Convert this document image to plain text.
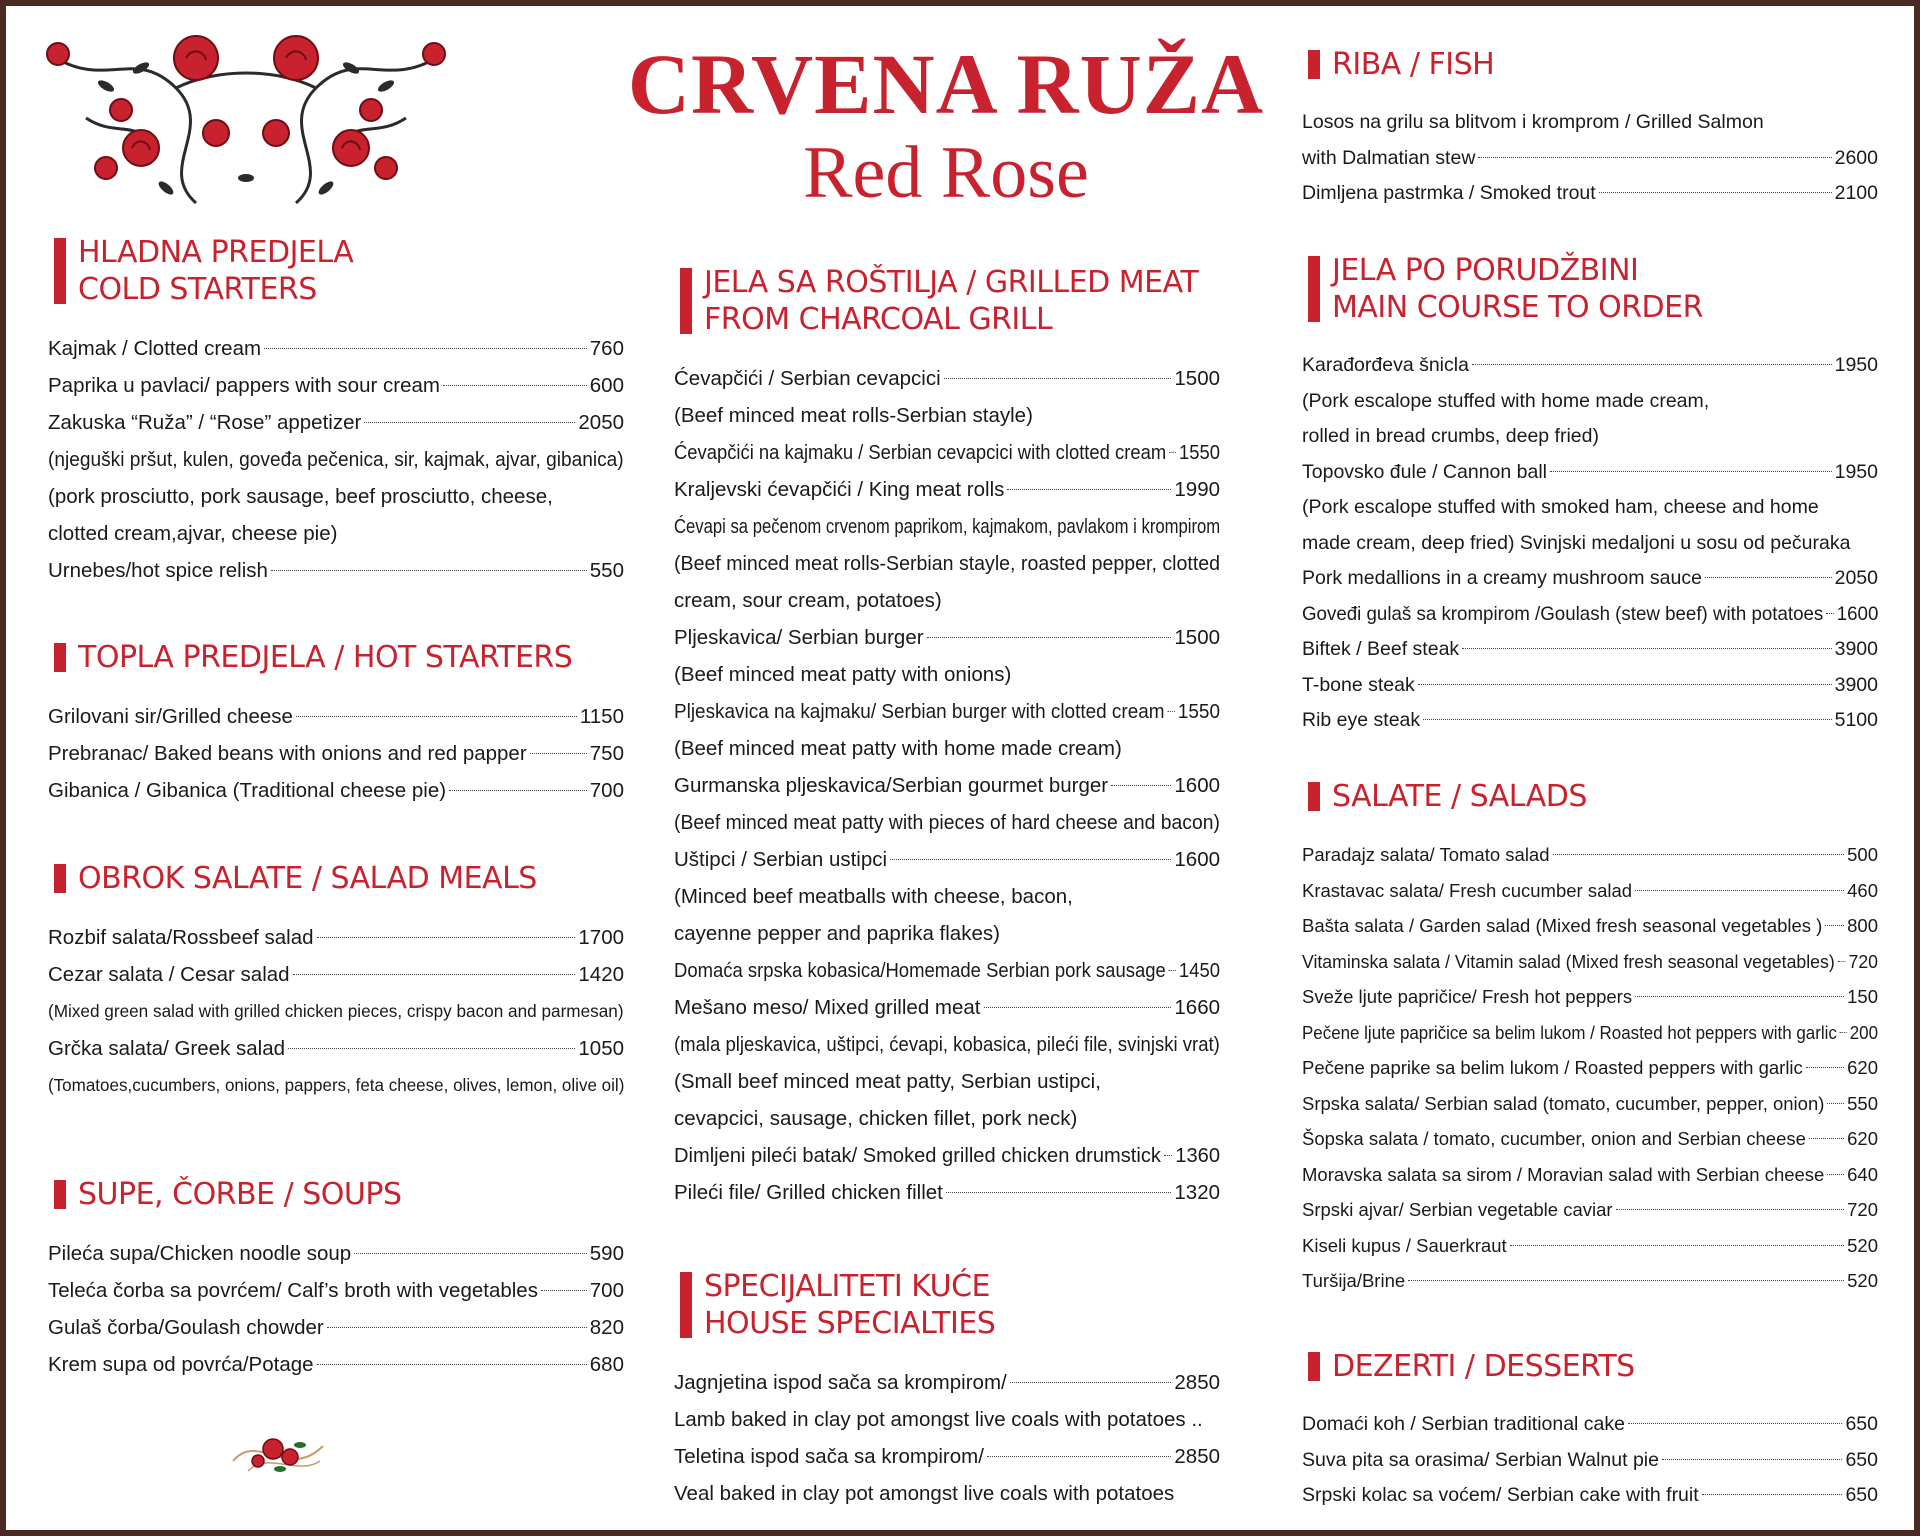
CRVENA RUŽA
Red Rose
HLADNA PREDJELA
COLD STARTERS
Kajmak / Clotted cream	760
Paprika u pavlaci/ pappers with sour cream	600
Zakuska “Ruža” / “Rose” appetizer	2050
(njeguški pršut, kulen, goveđa pečenica, sir, kajmak, ajvar, gibanica)
(pork prosciutto, pork sausage, beef prosciutto, cheese,
clotted cream,ajvar, cheese pie)
Urnebes/hot spice relish	550
TOPLA PREDJELA / HOT STARTERS
Grilovani sir/Grilled cheese	1150
Prebranac/ Baked beans with onions and red papper	750
Gibanica / Gibanica (Traditional cheese pie)	700
OBROK SALATE / SALAD MEALS
Rozbif salata/Rossbeef salad	1700
Cezar salata / Cesar salad	1420
(Mixed green salad with grilled chicken pieces, crispy bacon and parmesan)
Grčka salata/ Greek salad	1050
(Tomatoes,cucumbers, onions, pappers, feta cheese, olives, lemon, olive oil)
SUPE, ČORBE / SOUPS
Pileća supa/Chicken noodle soup	590
Teleća čorba sa povrćem/ Calf’s broth with vegetables	700
Gulaš čorba/Goulash chowder	820
Krem supa od povrća/Potage	680
JELA SA ROŠTILJA / GRILLED MEAT
FROM CHARCOAL GRILL
Ćevapčići / Serbian cevapcici	1500
(Beef minced meat rolls-Serbian stayle)
Ćevapčići na kajmaku / Serbian cevapcici with clotted cream 1550
Kraljevski ćevapčići / King meat rolls	1990
Ćevapi sa pečenom crvenom paprikom, kajmakom, pavlakom i krompirom
(Beef minced meat rolls-Serbian stayle, roasted pepper, clotted
cream, sour cream, potatoes)
Pljeskavica/ Serbian burger	1500
(Beef minced meat patty with onions)
Pljeskavica na kajmaku/ Serbian burger with clotted cream 1550
(Beef minced meat patty with home made cream)
Gurmanska pljeskavica/Serbian gourmet burger	1600
(Beef minced meat patty with pieces of hard cheese and bacon)
Uštipci / Serbian ustipci	1600
(Minced beef meatballs with cheese, bacon,
cayenne pepper and paprika flakes)
Domaća srpska kobasica/Homemade Serbian pork sausage 1450
Mešano meso/ Mixed grilled meat	1660
(mala pljeskavica, uštipci, ćevapi, kobasica, pileći file, svinjski vrat)
(Small beef minced meat patty, Serbian ustipci,
cevapcici, sausage, chicken fillet, pork neck)
Dimljeni pileći batak/ Smoked grilled chicken drumstick 1360
Pileći file/ Grilled chicken fillet	1320
SPECIJALITETI KUĆE
HOUSE SPECIALTIES
Jagnjetina ispod sača sa krompirom/	2850
Lamb baked in clay pot amongst live coals with potatoes ..
Teletina ispod sača sa krompirom/	2850
Veal baked in clay pot amongst live coals with potatoes
RIBA / FISH
Losos na grilu sa blitvom i kromprom / Grilled Salmon
with Dalmatian stew	2600
Dimljena pastrmka / Smoked trout	2100
JELA PO PORUDŽBINI
MAIN COURSE TO ORDER
Karađorđeva šnicla	1950
(Pork escalope stuffed with home made cream,
rolled in bread crumbs, deep fried)
Topovsko đule / Cannon ball	1950
(Pork escalope stuffed with smoked ham, cheese and home
made cream, deep fried) Svinjski medaljoni u sosu od pečuraka
Pork medallions in a creamy mushroom sauce	2050
Goveđi gulaš sa krompirom /Goulash (stew beef) with potatoes 1600
Biftek / Beef steak	3900
T-bone steak	3900
Rib eye steak	5100
SALATE / SALADS
Paradajz salata/ Tomato salad	500
Krastavac salata/ Fresh cucumber salad	460
Bašta salata / Garden salad (Mixed fresh seasonal vegetables ) 800
Vitaminska salata / Vitamin salad (Mixed fresh seasonal vegetables) 720
Sveže ljute papričice/ Fresh hot peppers	150
Pečene ljute papričice sa belim lukom / Roasted hot peppers with garlic 200
Pečene paprike sa belim lukom / Roasted peppers with garlic 620
Srpska salata/ Serbian salad (tomato, cucumber, pepper, onion) 550
Šopska salata / tomato, cucumber, onion and Serbian cheese 620
Moravska salata sa sirom / Moravian salad with Serbian cheese 640
Srpski ajvar/ Serbian vegetable caviar	720
Kiseli kupus / Sauerkraut	520
Turšija/Brine	520
DEZERTI / DESSERTS
Domaći koh / Serbian traditional cake	650
Suva pita sa orasima/ Serbian Walnut pie	650
Srpski kolac sa voćem/ Serbian cake with fruit	650
